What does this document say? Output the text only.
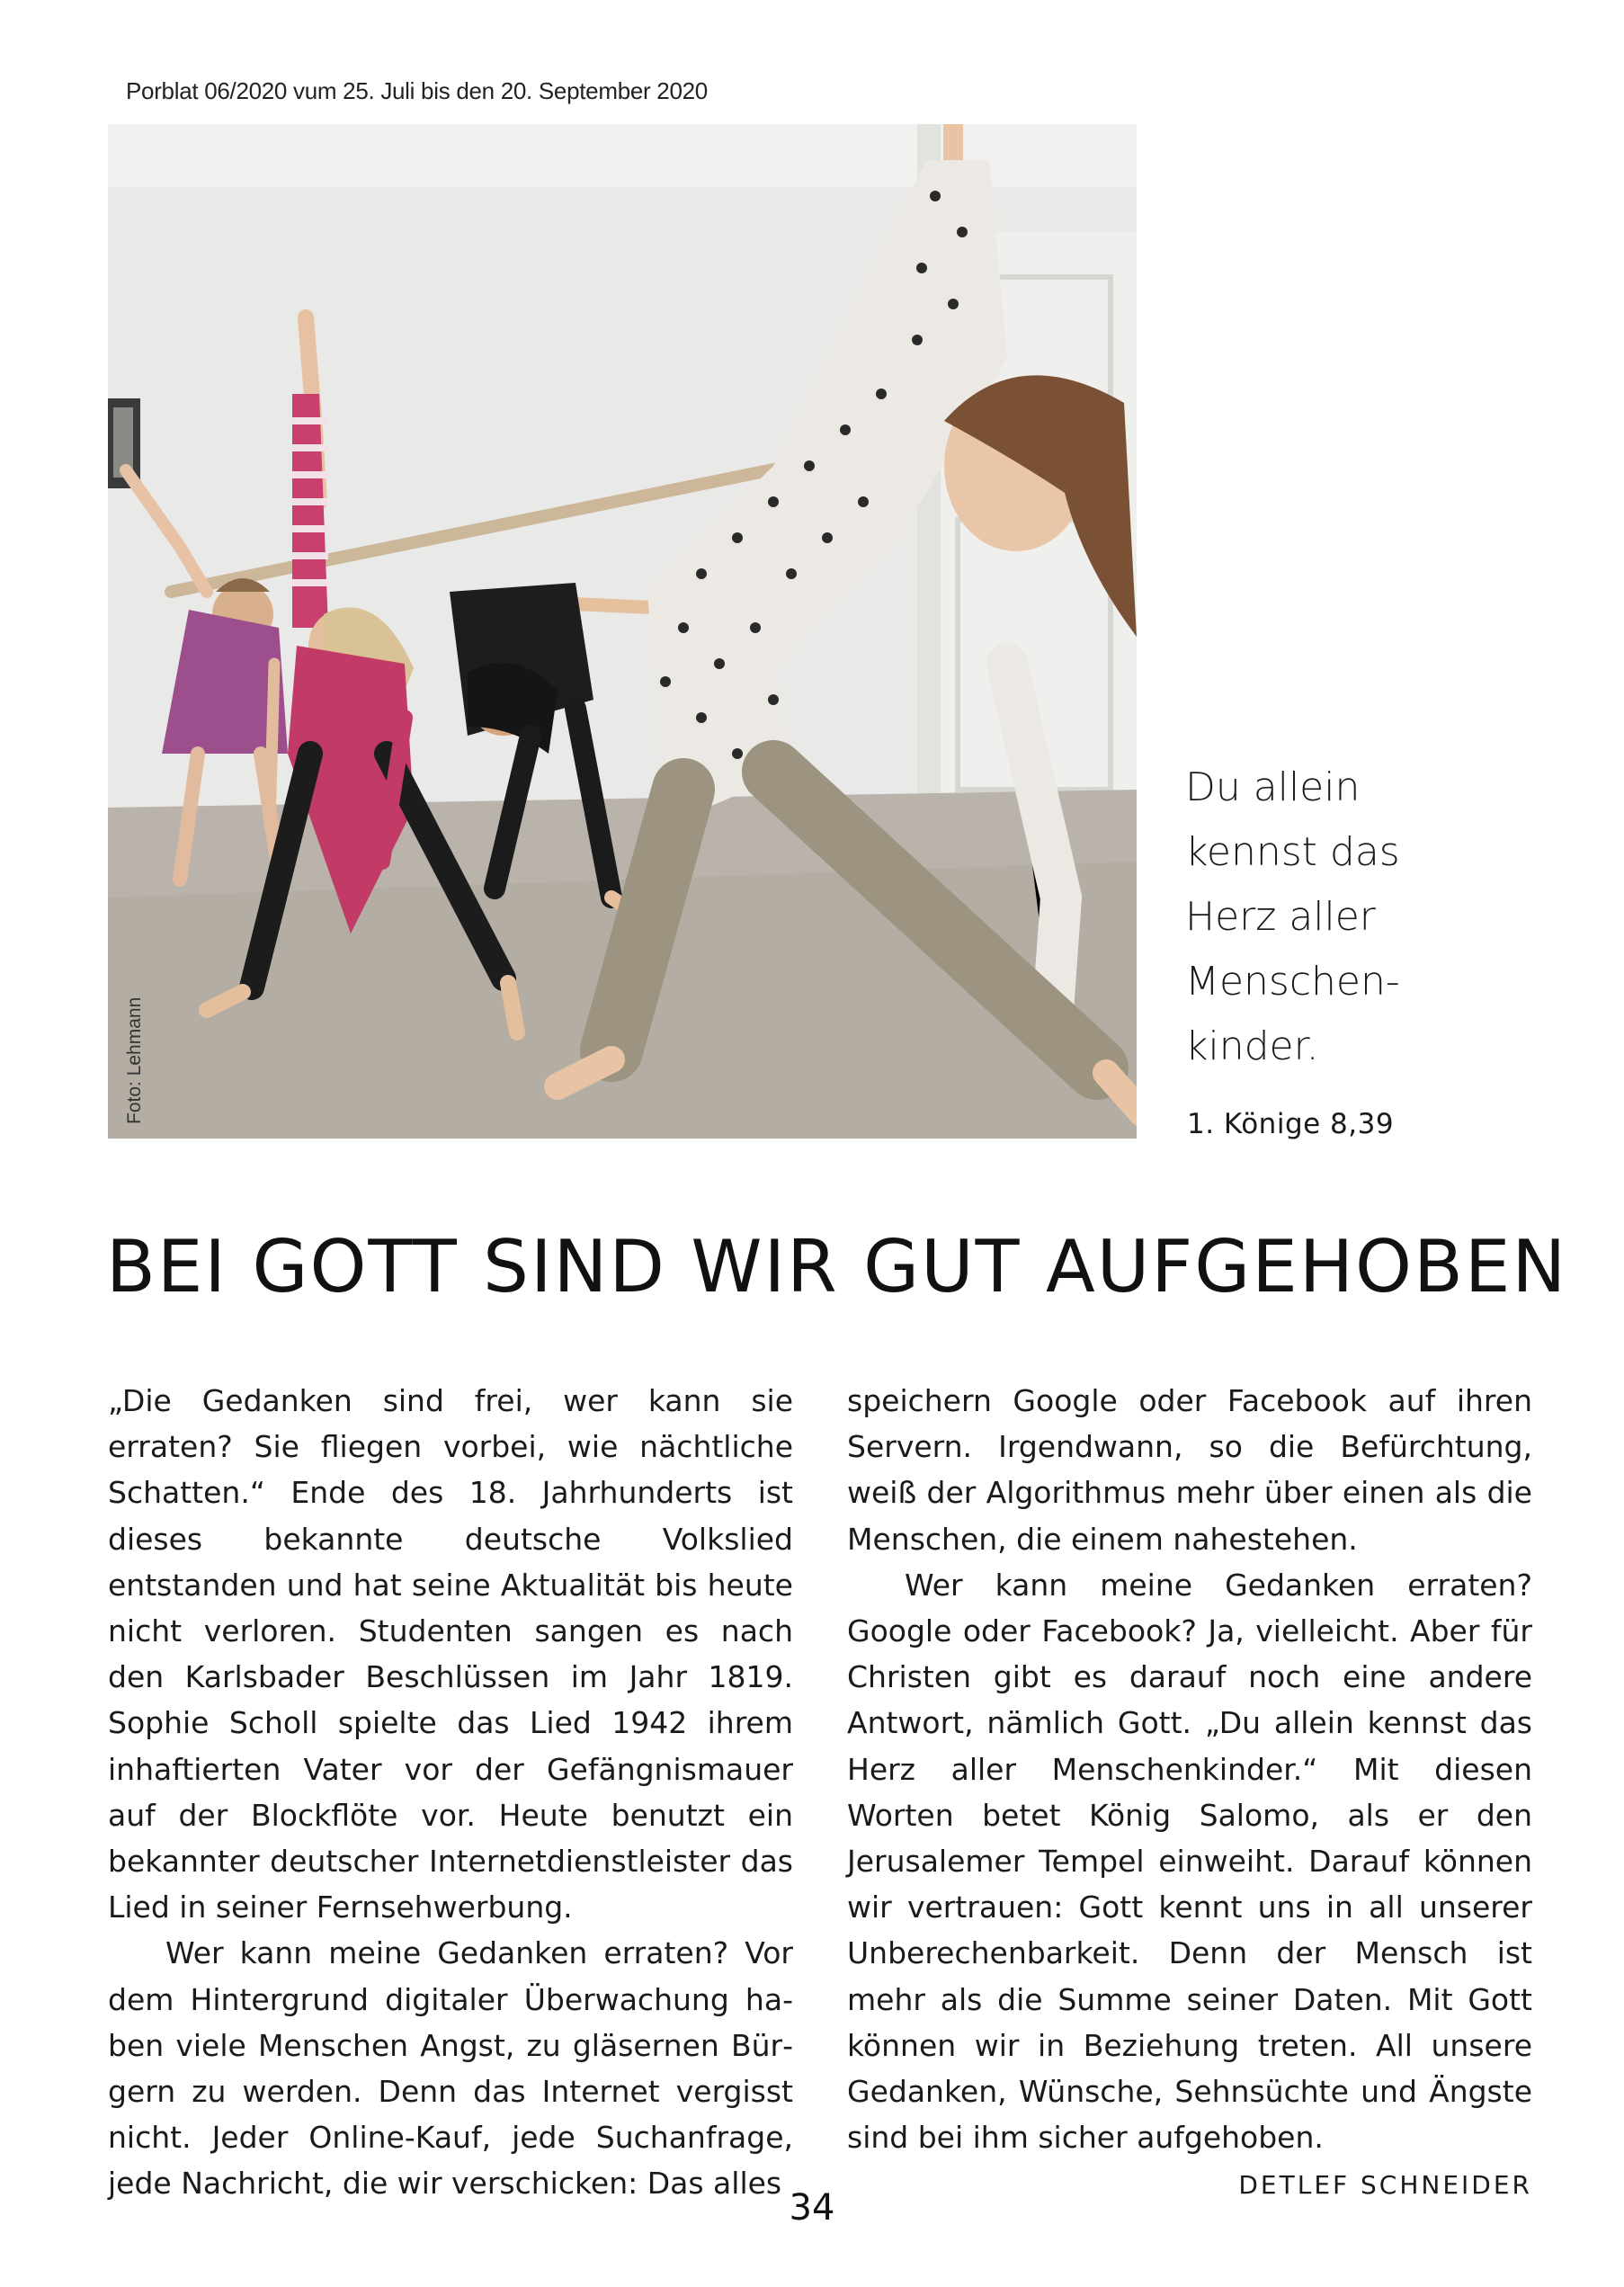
Porblat 06/2020 vum 25. Juli bis den 20. September 2020
Foto: Lehmann
Du allein
kennst das
Herz aller
Menschen-
kinder.
1. Könige 8,39
BEI GOTT SIND WIR GUT AUFGEHOBEN

„Die Gedanken sind frei, wer kann sie erraten? Sie fliegen vorbei, wie nächtliche Schatten.“ Ende des 18. Jahrhunderts ist dieses bekannte deutsche Volkslied entstanden und hat seine Aktualität bis heute nicht verloren. Studenten sangen es nach den Karlsbader Beschlüssen im Jahr 1819. Sophie Scholl spielte das Lied 1942 ihrem inhaftierten Vater vor der Gefängnismauer auf der Blockflöte vor. Heute benutzt ein bekannter deutscher Internetdienstleister das Lied in seiner Fernsehwerbung.

Wer kann meine Gedanken erraten? Vor dem Hintergrund digitaler Überwachung haben viele Menschen Angst, zu gläsernen Bürgern zu werden. Denn das Internet vergisst nicht. Jeder Online-Kauf, jede Suchanfrage, jede Nachricht, die wir verschicken: Das alles

speichern Google oder Facebook auf ihren Servern. Irgendwann, so die Befürchtung, weiß der Algorithmus mehr über einen als die Menschen, die einem nahestehen.

Wer kann meine Gedanken erraten? Google oder Facebook? Ja, vielleicht. Aber für Christen gibt es darauf noch eine andere Antwort, nämlich Gott. „Du allein kennst das Herz aller Menschenkinder.“ Mit diesen Worten betet König Salomo, als er den Jerusalemer Tempel einweiht. Darauf können wir vertrauen: Gott kennt uns in all unserer Unberechenbarkeit. Denn der Mensch ist mehr als die Summe seiner Daten. Mit Gott können wir in Beziehung treten. All unsere Gedanken, Wünsche, Sehnsüchte und Ängste sind bei ihm sicher aufgehoben.
DETLEF SCHNEIDER

34
